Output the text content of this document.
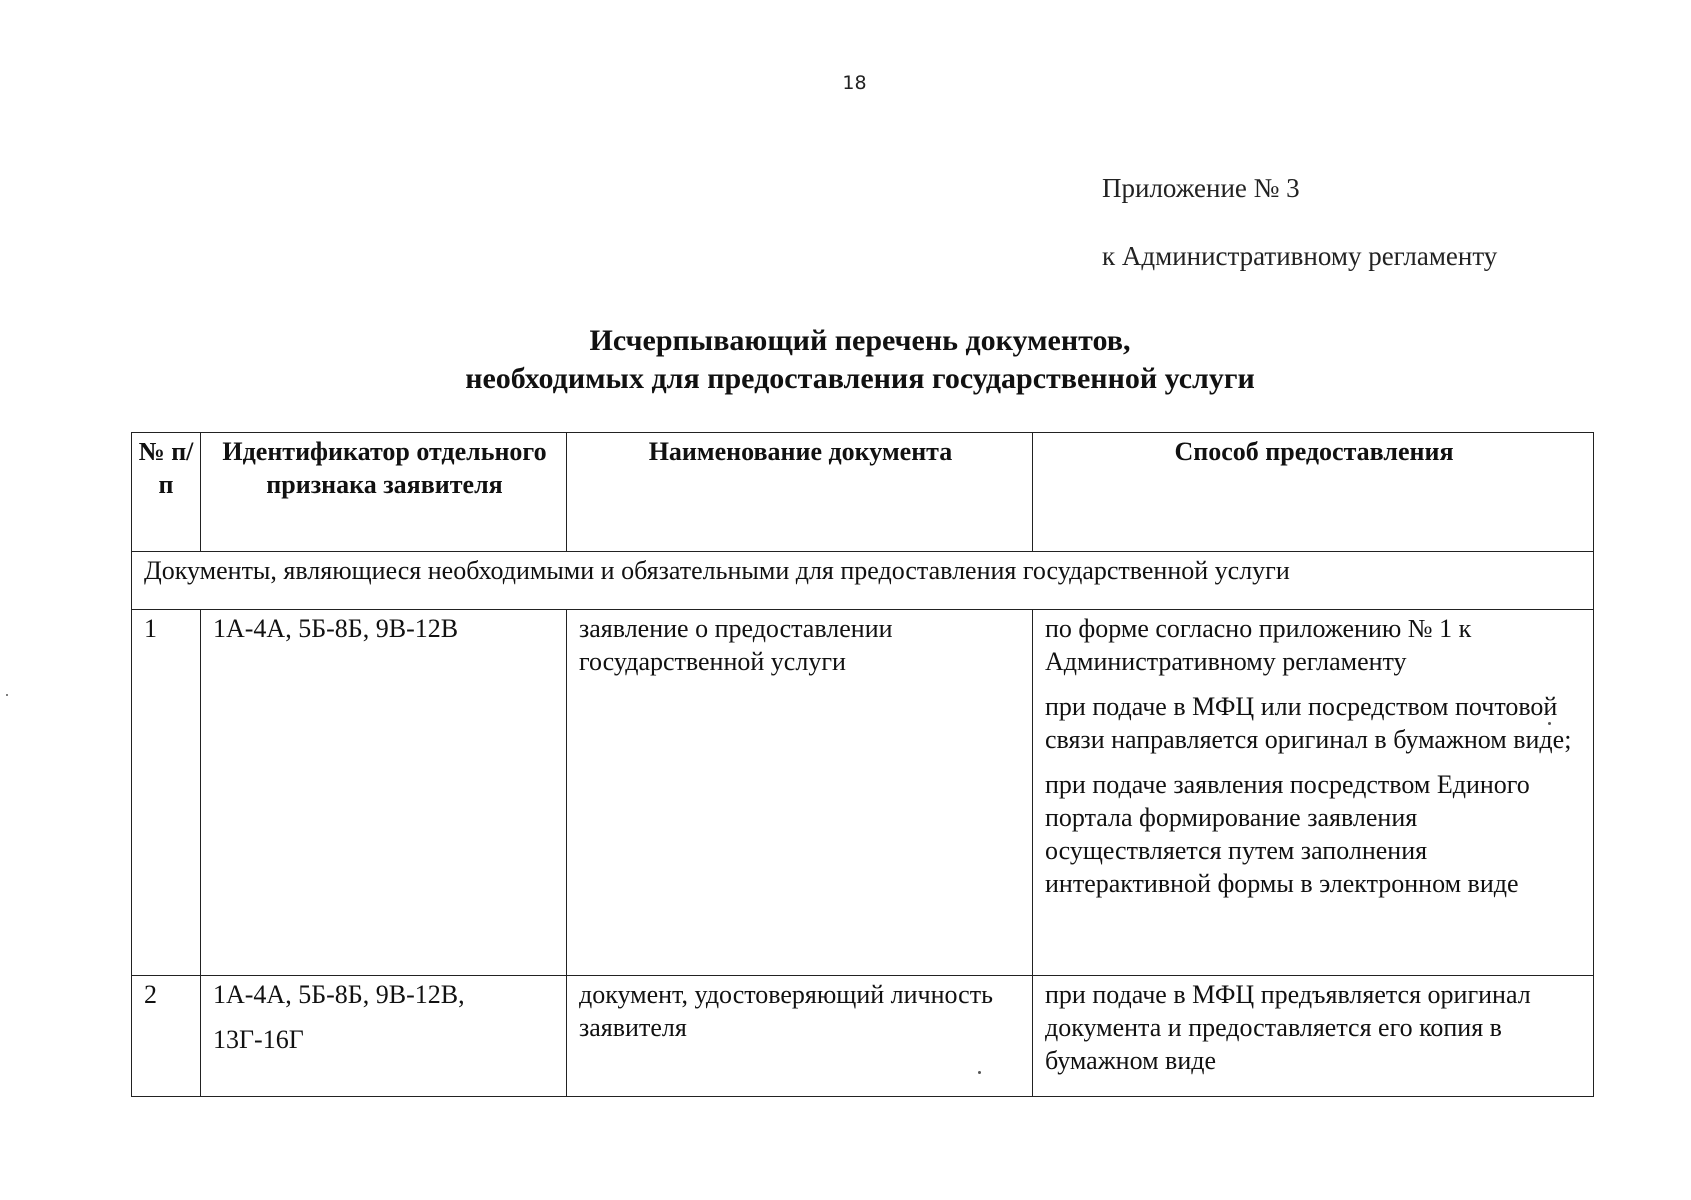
18
Приложение № 3
к Административному регламенту
Исчерпывающий перечень документов,
необходимых для предоставления государственной услуги
№ п/п	Идентификатор отдельного признака заявителя	Наименование документа	Способ предоставления
Документы, являющиеся необходимыми и обязательными для предоставления государственной услуги			
1	1А-4А, 5Б-8Б, 9В-12В	заявление о предоставлении государственной услуги	по форме согласно приложению № 1 к Административному регламенту

при подаче в МФЦ или посредством почтовой связи направляется оригинал в бумажном виде;

при подаче заявления посредством Единого портала формирование заявления осуществляется путем заполнения интерактивной формы в электронном виде

2	1А-4А, 5Б-8Б, 9В-12В,
13Г-16Г	документ, удостоверяющий личность заявителя	при подаче в МФЦ предъявляется оригинал документа и предоставляется его копия в бумажном виде
